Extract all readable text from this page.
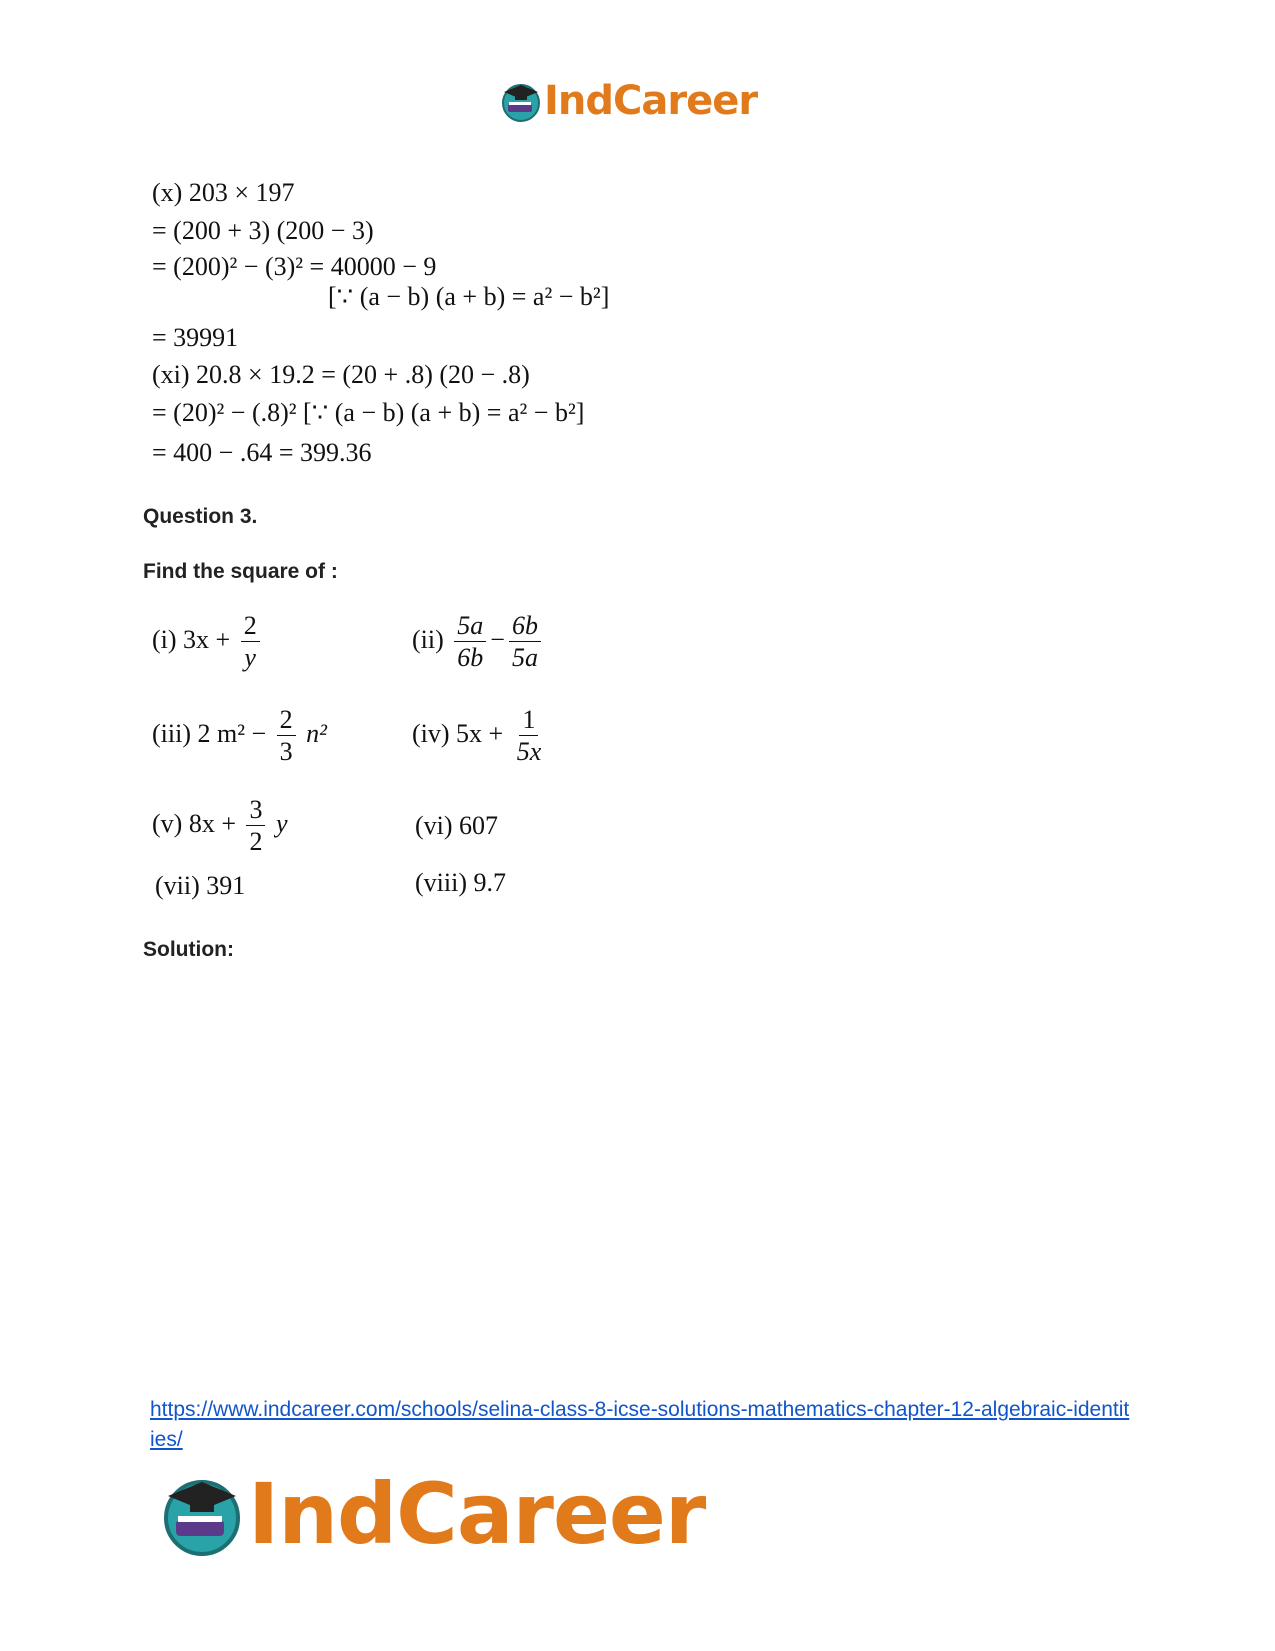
IndCareer
(x) 203 × 197
= (200 + 3) (200 − 3)
= (200)² − (3)² = 40000 − 9
[∵ (a − b) (a + b) = a² − b²]
= 39991
(xi) 20.8 × 19.2 = (20 + .8) (20 − .8)
= (20)² − (.8)² [∵ (a − b) (a + b) = a² − b²]
= 400 − .64 = 399.36
Question 3.
Find the square of :
(i) $3x + \frac{2}{y}$	$(ii) \frac{5a}{6b} - \frac{6b}{5a}$
(iii) 2 $m^2 - \frac{2}{3} n^2$	(iv) $5x + \frac{1}{5x}$
(v) $8x + \frac{3}{2}$ y	(vi) 607
(vii) 391	(viii) 9.7
Solution:
https://www.indcareer.com/schools/selina-class-8-icse-solutions-mathematics-chapter-12-algebraic-identities/
IndCareer
